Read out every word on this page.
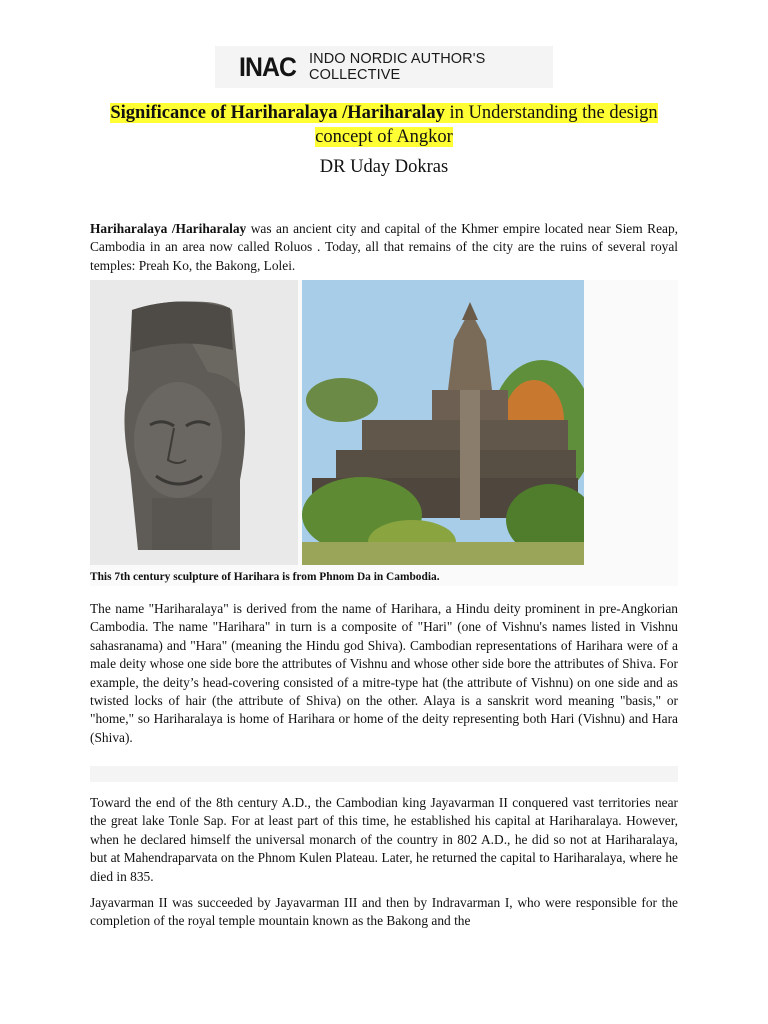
INAC INDO NORDIC AUTHOR'S COLLECTIVE
Significance of Hariharalaya /Hariharalay in Understanding the design concept of Angkor
DR Uday Dokras

Hariharalaya /Hariharalay was an ancient city and capital of the Khmer empire located near Siem Reap, Cambodia in an area now called Roluos . Today, all that remains of the city are the ruins of several royal temples: Preah Ko, the Bakong, Lolei.

This 7th century sculpture of Harihara is from Phnom Da in Cambodia.

The name "Hariharalaya" is derived from the name of Harihara, a Hindu deity prominent in pre-Angkorian Cambodia. The name "Harihara" in turn is a composite of "Hari" (one of Vishnu's names listed in Vishnu sahasranama) and "Hara" (meaning the Hindu god Shiva). Cambodian representations of Harihara were of a male deity whose one side bore the attributes of Vishnu and whose other side bore the attributes of Shiva. For example, the deity’s head-covering consisted of a mitre-type hat (the attribute of Vishnu) on one side and as twisted locks of hair (the attribute of Shiva) on the other. Alaya is a sanskrit word meaning "basis," or "home," so Hariharalaya is home of Harihara or home of the deity representing both Hari (Vishnu) and Hara (Shiva).

Toward the end of the 8th century A.D., the Cambodian king Jayavarman II conquered vast territories near the great lake Tonle Sap. For at least part of this time, he established his capital at Hariharalaya. However, when he declared himself the universal monarch of the country in 802 A.D., he did so not at Hariharalaya, but at Mahendraparvata on the Phnom Kulen Plateau. Later, he returned the capital to Hariharalaya, where he died in 835.

Jayavarman II was succeeded by Jayavarman III and then by Indravarman I, who were responsible for the completion of the royal temple mountain known as the Bakong and the
